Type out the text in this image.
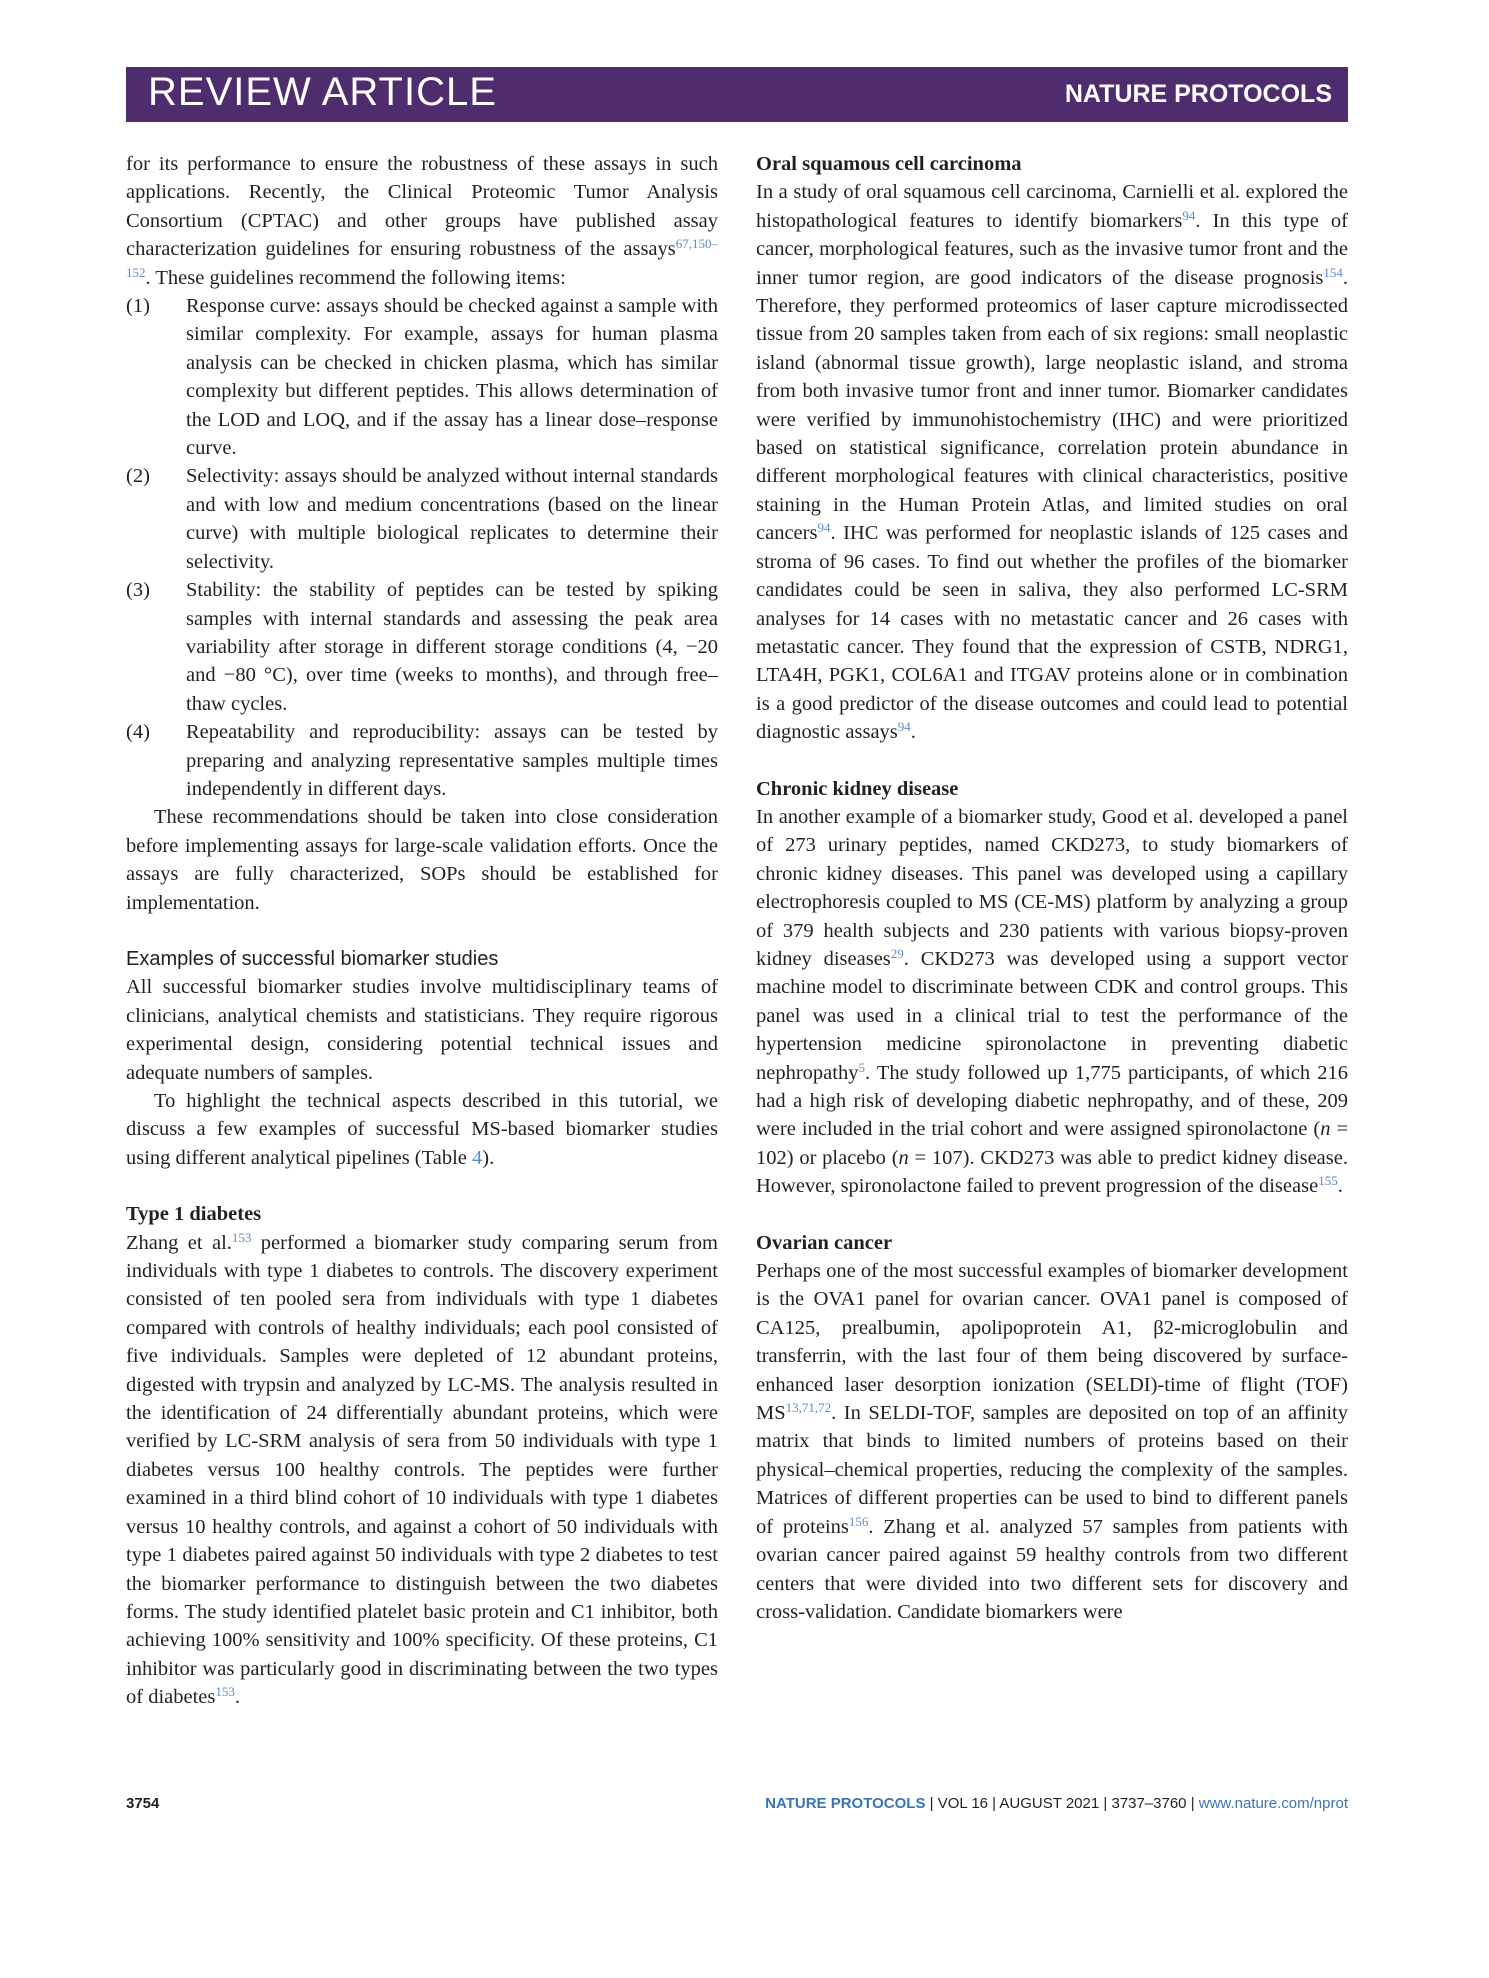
REVIEW ARTICLE	NATURE PROTOCOLS

for its performance to ensure the robustness of these assays in such applications. Recently, the Clinical Proteomic Tumor Analysis Consortium (CPTAC) and other groups have published assay characterization guidelines for ensuring robustness of the assays$^{67,150-152}$. These guidelines recommend the following items:

(1) Response curve: assays should be checked against a sample with similar complexity. For example, assays for human plasma analysis can be checked in chicken plasma, which has similar complexity but different peptides. This allows determination of the LOD and LOQ, and if the assay has a linear dose–response curve.
(2) Selectivity: assays should be analyzed without internal standards and with low and medium concentrations (based on the linear curve) with multiple biological replicates to determine their selectivity.
(3) Stability: the stability of peptides can be tested by spiking samples with internal standards and assessing the peak area variability after storage in different storage conditions (4, −20 and −80 °C), over time (weeks to months), and through free–thaw cycles.
(4) Repeatability and reproducibility: assays can be tested by preparing and analyzing representative samples multiple times independently in different days.

These recommendations should be taken into close consideration before implementing assays for large-scale validation efforts. Once the assays are fully characterized, SOPs should be established for implementation.

Examples of successful biomarker studies

All successful biomarker studies involve multidisciplinary teams of clinicians, analytical chemists and statisticians. They require rigorous experimental design, considering potential technical issues and adequate numbers of samples.

To highlight the technical aspects described in this tutorial, we discuss a few examples of successful MS-based biomarker studies using different analytical pipelines (Table 4).

Type 1 diabetes

Zhang et al.$^{153}$ performed a biomarker study comparing serum from individuals with type 1 diabetes to controls. The discovery experiment consisted of ten pooled sera from individuals with type 1 diabetes compared with controls of healthy individuals; each pool consisted of five individuals. Samples were depleted of 12 abundant proteins, digested with trypsin and analyzed by LC-MS. The analysis resulted in the identification of 24 differentially abundant proteins, which were verified by LC-SRM analysis of sera from 50 individuals with type 1 diabetes versus 100 healthy controls. The peptides were further examined in a third blind cohort of 10 individuals with type 1 diabetes versus 10 healthy controls, and against a cohort of 50 individuals with type 1 diabetes paired against 50 individuals with type 2 diabetes to test the biomarker performance to distinguish between the two diabetes forms. The study identified platelet basic protein and C1 inhibitor, both achieving 100% sensitivity and 100% specificity. Of these proteins, C1 inhibitor was particularly good in discriminating between the two types of diabetes$^{153}$.

Oral squamous cell carcinoma

In a study of oral squamous cell carcinoma, Carnielli et al. explored the histopathological features to identify biomarkers$^{94}$. In this type of cancer, morphological features, such as the invasive tumor front and the inner tumor region, are good indicators of the disease prognosis$^{154}$. Therefore, they performed proteomics of laser capture microdissected tissue from 20 samples taken from each of six regions: small neoplastic island (abnormal tissue growth), large neoplastic island, and stroma from both invasive tumor front and inner tumor. Biomarker candidates were verified by immunohistochemistry (IHC) and were prioritized based on statistical significance, correlation protein abundance in different morphological features with clinical characteristics, positive staining in the Human Protein Atlas, and limited studies on oral cancers$^{94}$. IHC was performed for neoplastic islands of 125 cases and stroma of 96 cases. To find out whether the profiles of the biomarker candidates could be seen in saliva, they also performed LC-SRM analyses for 14 cases with no metastatic cancer and 26 cases with metastatic cancer. They found that the expression of CSTB, NDRG1, LTA4H, PGK1, COL6A1 and ITGAV proteins alone or in combination is a good predictor of the disease outcomes and could lead to potential diagnostic assays$^{94}$.

Chronic kidney disease

In another example of a biomarker study, Good et al. developed a panel of 273 urinary peptides, named CKD273, to study biomarkers of chronic kidney diseases. This panel was developed using a capillary electrophoresis coupled to MS (CE-MS) platform by analyzing a group of 379 health subjects and 230 patients with various biopsy-proven kidney diseases$^{29}$. CKD273 was developed using a support vector machine model to discriminate between CDK and control groups. This panel was used in a clinical trial to test the performance of the hypertension medicine spironolactone in preventing diabetic nephropathy$^5$. The study followed up 1,775 participants, of which 216 had a high risk of developing diabetic nephropathy, and of these, 209 were included in the trial cohort and were assigned spironolactone (n = 102) or placebo (n = 107). CKD273 was able to predict kidney disease. However, spironolactone failed to prevent progression of the disease$^{155}$.

Ovarian cancer

Perhaps one of the most successful examples of biomarker development is the OVA1 panel for ovarian cancer. OVA1 panel is composed of CA125, prealbumin, apolipoprotein A1, β2-microglobulin and transferrin, with the last four of them being discovered by surface-enhanced laser desorption ionization (SELDI)-time of flight (TOF) MS$^{13,71,72}$. In SELDI-TOF, samples are deposited on top of an affinity matrix that binds to limited numbers of proteins based on their physical–chemical properties, reducing the complexity of the samples. Matrices of different properties can be used to bind to different panels of proteins$^{156}$. Zhang et al. analyzed 57 samples from patients with ovarian cancer paired against 59 healthy controls from two different centers that were divided into two different sets for discovery and cross-validation. Candidate biomarkers were

3754	NATURE PROTOCOLS | VOL 16 | AUGUST 2021 | 3737–3760 | www.nature.com/nprot
